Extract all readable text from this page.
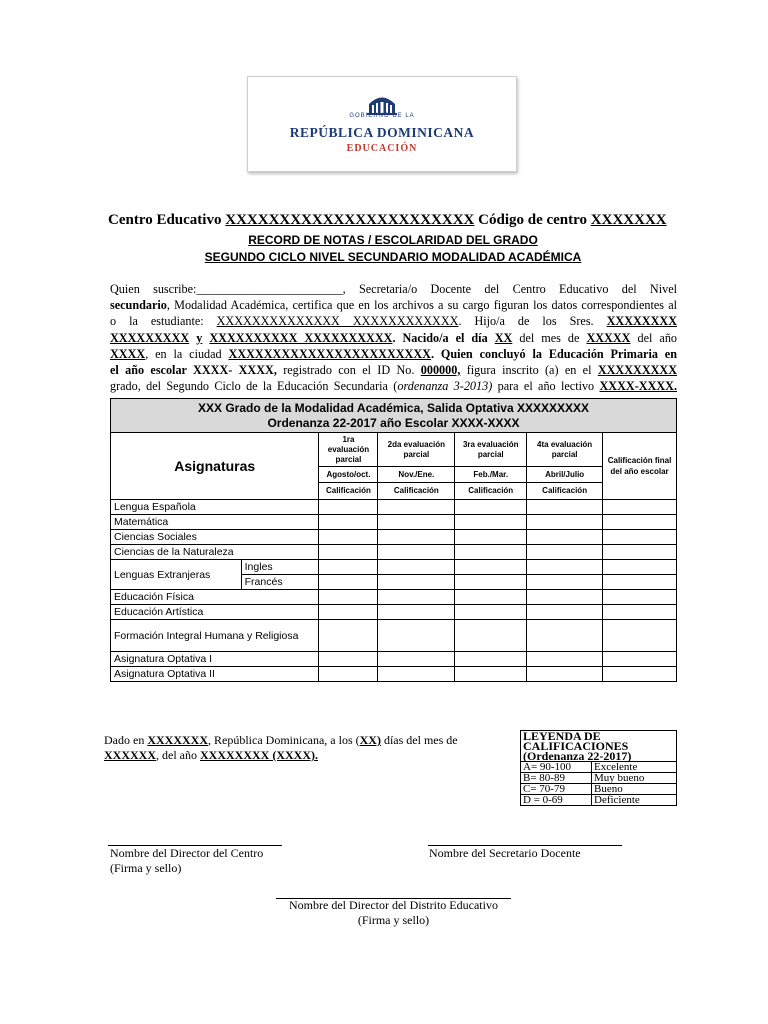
GOBIERNO DE LA
REPÚBLICA DOMINICANA
EDUCACIÓN
Centro Educativo XXXXXXXXXXXXXXXXXXXXXXX Código de centro XXXXXXX
RECORD DE NOTAS / ESCOLARIDAD DEL GRADO
SEGUNDO CICLO NIVEL SECUNDARIO MODALIDAD ACADÉMICA
Quien suscribe:________________________, Secretaria/o Docente del Centro Educativo del Nivel
secundario, Modalidad Académica, certifica que en los archivos a su cargo figuran los datos correspondientes al
o la estudiante: XXXXXXXXXXXXXX XXXXXXXXXXXX. Hijo/a de los Sres. XXXXXXXX
XXXXXXXXX y XXXXXXXXXX XXXXXXXXXX. Nacido/a el día XX del mes de XXXXX del año
XXXX, en la ciudad XXXXXXXXXXXXXXXXXXXXXXX. Quien concluyó la Educación Primaria en
el año escolar XXXX- XXXX, registrado con el ID No. 000000, figura inscrito (a) en el XXXXXXXXX
grado, del Segundo Ciclo de la Educación Secundaria (ordenanza 3-2013) para el año lectivo XXXX-XXXX.
XXX Grado de la Modalidad Académica, Salida Optativa XXXXXXXXX
Ordenanza 22-2017 año Escolar XXXX-XXXX						

Asignaturas		1ra evaluación parcial	2da evaluación parcial	3ra evaluación parcial	4ta evaluación parcial	Calificación final del año escolar
		Agosto/oct.	Nov./Ene.	Feb./Mar.	Abril/Julio	
		Calificación	Calificación	Calificación	Calificación	
Lengua Española						
Matemática						
Ciencias Sociales						
Ciencias de la Naturaleza						
Lenguas Extranjeras	Ingles					
	Francés					
Educación Física						
Educación Artística						
Formación Integral Humana y Religiosa						
Asignatura Optativa I						
Asignatura Optativa II						
Dado en XXXXXXX, República Dominicana, a los (XX) días del mes de
XXXXXX, del año XXXXXXXX (XXXX).
LEYENDA DE CALIFICACIONES
(Ordenanza 22-2017)	

A= 90-100	Excelente
B= 80-89	Muy bueno
C= 70-79	Bueno
D = 0-69	Deficiente
Nombre del Director del Centro
(Firma y sello)
Nombre del Secretario Docente
Nombre del Director del Distrito Educativo
(Firma y sello)
